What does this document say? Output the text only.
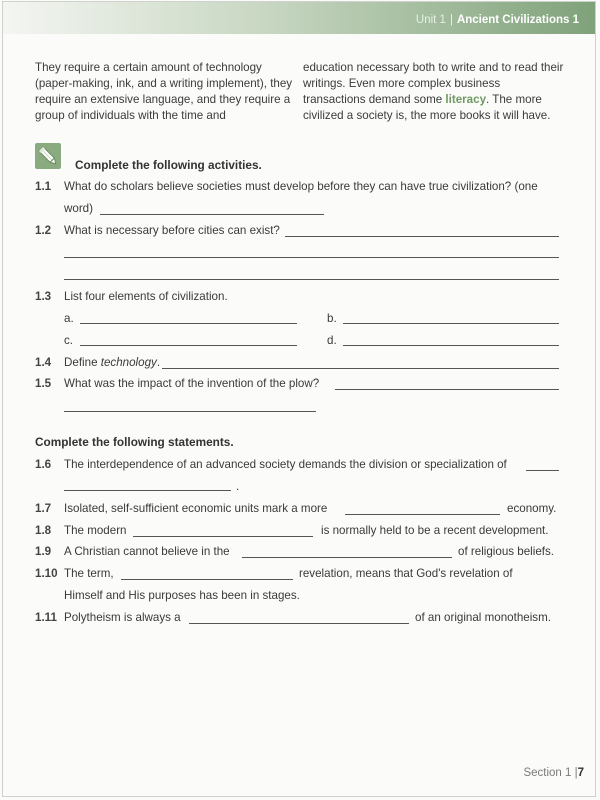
Unit 1 | Ancient Civilizations 1
They require a certain amount of technology (paper-making, ink, and a writing implement), they require an extensive language, and they require a group of individuals with the time and
education necessary both to write and to read their writings. Even more complex business transactions demand some literacy. The more civilized a society is, the more books it will have.
Complete the following activities.
1.1 What do scholars believe societies must develop before they can have true civilization? (one
word)
1.2 What is necessary before cities can exist?
1.3 List four elements of civilization.
a.	b.
c.	d.
1.4 Define technology.
1.5 What was the impact of the invention of the plow?
Complete the following statements.
1.6 The interdependence of an advanced society demands the division or specialization of
.
1.7 Isolated, self-sufficient economic units mark a more	economy.
1.8 The modern	is normally held to be a recent development.
1.9 A Christian cannot believe in the	of religious beliefs.
1.10 The term,	revelation, means that God's revelation of
Himself and His purposes has been in stages.
1.11 Polytheism is always a	of an original monotheism.
Section 1 |7
